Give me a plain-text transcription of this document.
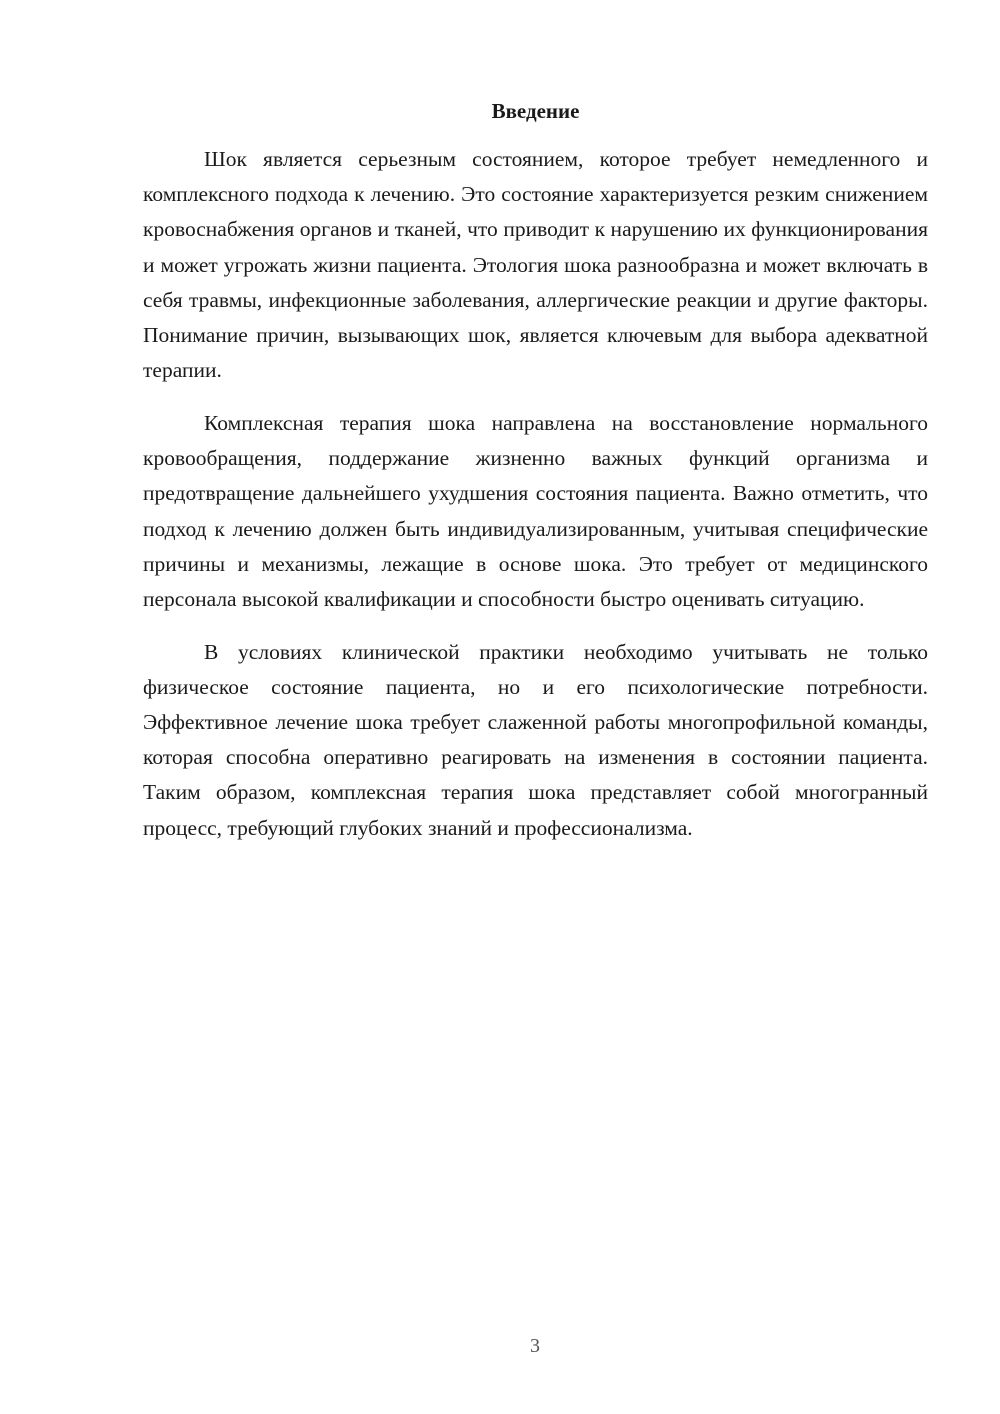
Введение

Шок является серьезным состоянием, которое требует немедленного и комплексного подхода к лечению. Это состояние характеризуется резким снижением кровоснабжения органов и тканей, что приводит к нарушению их функционирования и может угрожать жизни пациента. Этология шока разнообразна и может включать в себя травмы, инфекционные заболевания, аллергические реакции и другие факторы. Понимание причин, вызывающих шок, является ключевым для выбора адекватной терапии.

Комплексная терапия шока направлена на восстановление нормального кровообращения, поддержание жизненно важных функций организма и предотвращение дальнейшего ухудшения состояния пациента. Важно отметить, что подход к лечению должен быть индивидуализированным, учитывая специфические причины и механизмы, лежащие в основе шока. Это требует от медицинского персонала высокой квалификации и способности быстро оценивать ситуацию.

В условиях клинической практики необходимо учитывать не только физическое состояние пациента, но и его психологические потребности. Эффективное лечение шока требует слаженной работы многопрофильной команды, которая способна оперативно реагировать на изменения в состоянии пациента. Таким образом, комплексная терапия шока представляет собой многогранный процесс, требующий глубоких знаний и профессионализма.

3
